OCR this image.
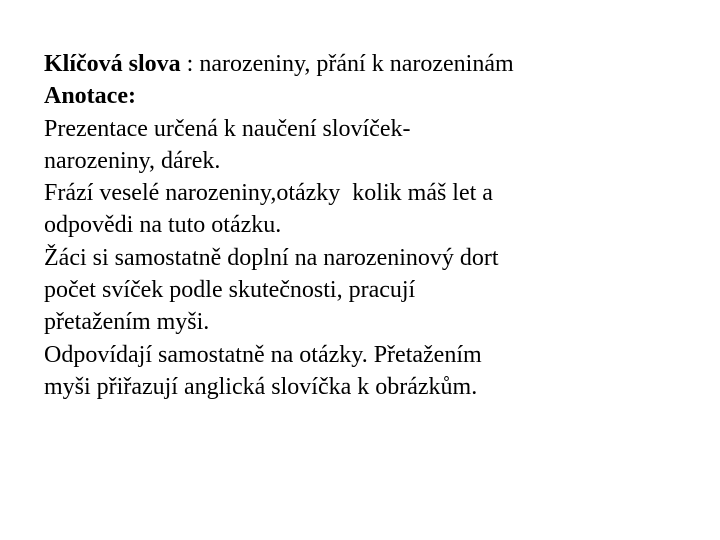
Klíčová slova : narozeniny, přání k narozeninám

Anotace:

Prezentace určená k naučení slovíček-

narozeniny, dárek.

Frází veselé narozeniny,otázky  kolik máš let a

odpovědi na tuto otázku.

Žáci si samostatně doplní na narozeninový dort

počet svíček podle skutečnosti, pracují

přetažením myši.

Odpovídají samostatně na otázky. Přetažením

myši přiřazují anglická slovíčka k obrázkům.
